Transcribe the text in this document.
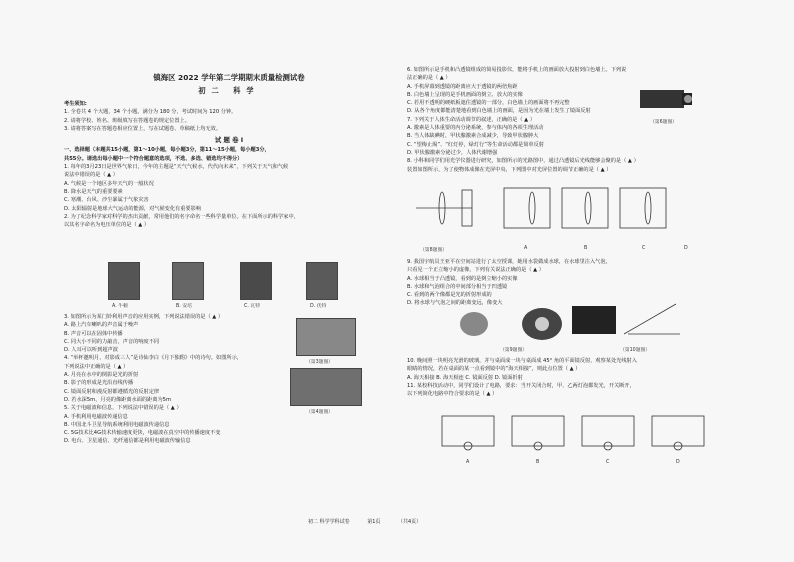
镇海区 2022 学年第二学期期末质量检测试卷
初二 科学
考生须知:
1. 全卷共 4 个大题，34 个小题。满分为 180 分，考试时间为 120 分钟。
2. 请将学校、姓名、班级填写在答题卷的规定位置上。
3. 请将答案写在答题卷相应位置上，写在试题卷、草稿纸上均无效。
试 题 卷 Ⅰ
一、选择题（本题共15小题，第1～10小题，每小题3分，第11～15小题，每小题3分，
共55分。请选出每小题中一个符合题意的选项，不选、多选、错选均不得分）
1. 每年的3月23日是世界气象日，今年的主题是“天气气候水，代代向未来”，下列关于天气和气候
说法中错误的是（ ▲ ）
A. 气候是一个地区多年天气的一般状况
B. 降水是天气的重要要素
C. 寒潮、台风、沙尘暴属于气象灾害
D. 太阳辐射是地球大气运动的能源，对气候变化有重要影响
2. 为了纪念科学家对科学的杰出贡献，常用他们的名字命名一些科学量单位。在下面所示的科学家中，
以其名字命名为电压单位的是（ ▲ ）
A. 牛顿	B. 安培	C. 瓦特	D. 伏特
3. 如图所示为某门铃利用声音的应用实例，下列说法错误的是（ ▲ ）
A. 路上汽车喇叭的声音属于噪声
B. 声音可以在固体中传播
C. 同大小不同的力敲击，声音的响度不同
D. 人耳可以听到超声波
4. “举杯邀明月，对影成三人”是诗仙李白《月下独酌》中的诗句。如图所示，
下列说法中正确的是（ ▲ ）
A. 月亮在水中的倒影是光的折射
B. 影子的形成是光沿直线传播
C. 镜面反射和漫反射都遵循光的反射定律
D. 若水深5m，月亮的像距离水面的距离为5m
5. 关于电磁波和信息，下列说法中错误的是（ ▲ ）
A. 手机利用电磁波传递信息
B. 中国北斗卫星导航系统利用电磁波传递信息
C. 5G技术比4G技术传输速度更快，电磁波在真空中的传播速度不变
D. 电台、卫星通信、光纤通信都是利用电磁波传输信息
（第3题图）
（第4题图）
6. 如图所示是手机和凸透镜组成的简易投影仪，能将手机上的画面放大投射到白色墙上。下列说
法正确的是（ ▲ ）
A. 手机屏幕到透镜的距离应大于透镜的两倍焦距
B. 白色墙上呈现的是手机画面的倒立、放大的实像
C. 若用不透明的硬纸板遮住透镜的一部分，白色墙上的画面将不再完整
D. 从各个角度都能清楚地看到白色墙上的画面，是因为光在墙上发生了镜面反射
7. 下列关于人体生命活动调节的叙述，正确的是（ ▲ ）
A. 激素是人体重要的内分泌系统，参与体内的各项生理活动
B. 当人体缺碘时，甲状腺激素合成减少，导致甲状腺肿大
C. “望梅止渴”、“红灯停，绿灯行”等生命活动都是简单反射
D. 甲状腺激素分泌过少，人体代谢增强
8. 小科和同学们用光学仪器进行研究，如图所示的光路图中，通过凸透镜后光线能够会聚的是（ ▲ ）
装置如图所示，为了使物体成像在光屏中央，下列图中对光屏位置的调节正确的是（ ▲ ）
（第6题图）
（第8题图）	A	B	C	D
9. 我国宇航员王亚平在空间站进行了太空授课，她用水袋做成水球，在水球里注入气泡，
只看见一个正立缩小的虚像，下列有关说法正确的是（ ▲ ）
A. 水球相当于凸透镜，看到的是倒立缩小的实像
B. 水球和气泡组合的中间部分相当于凹透镜
C. 看到的两个像都是光的折射形成的
D. 将水球与气泡之间的距离变远，像变大
（第9题图）	（第10题图）
10. 晚间照一块明亮光滑的玻璃，并与桌面成一块与桌面成 45° 角的平面镜反射，观察某处光线射入
眼睛的情况，若在桌面的某一点看到镜中的“海天相接”，则此点位置（ ▲ ）
A. 海天相接 B. 海天相连 C. 镜面反射 D. 镜面折射
11. 某校科技活动中，同学们设计了电路，要求：当开关闭合时，甲、乙两灯泡都发光，开关断开，
以下列简化电路中符合要求的是（ ▲ ）
A	B	C	D
初二 科学学科试卷	第1页	（共4页）
